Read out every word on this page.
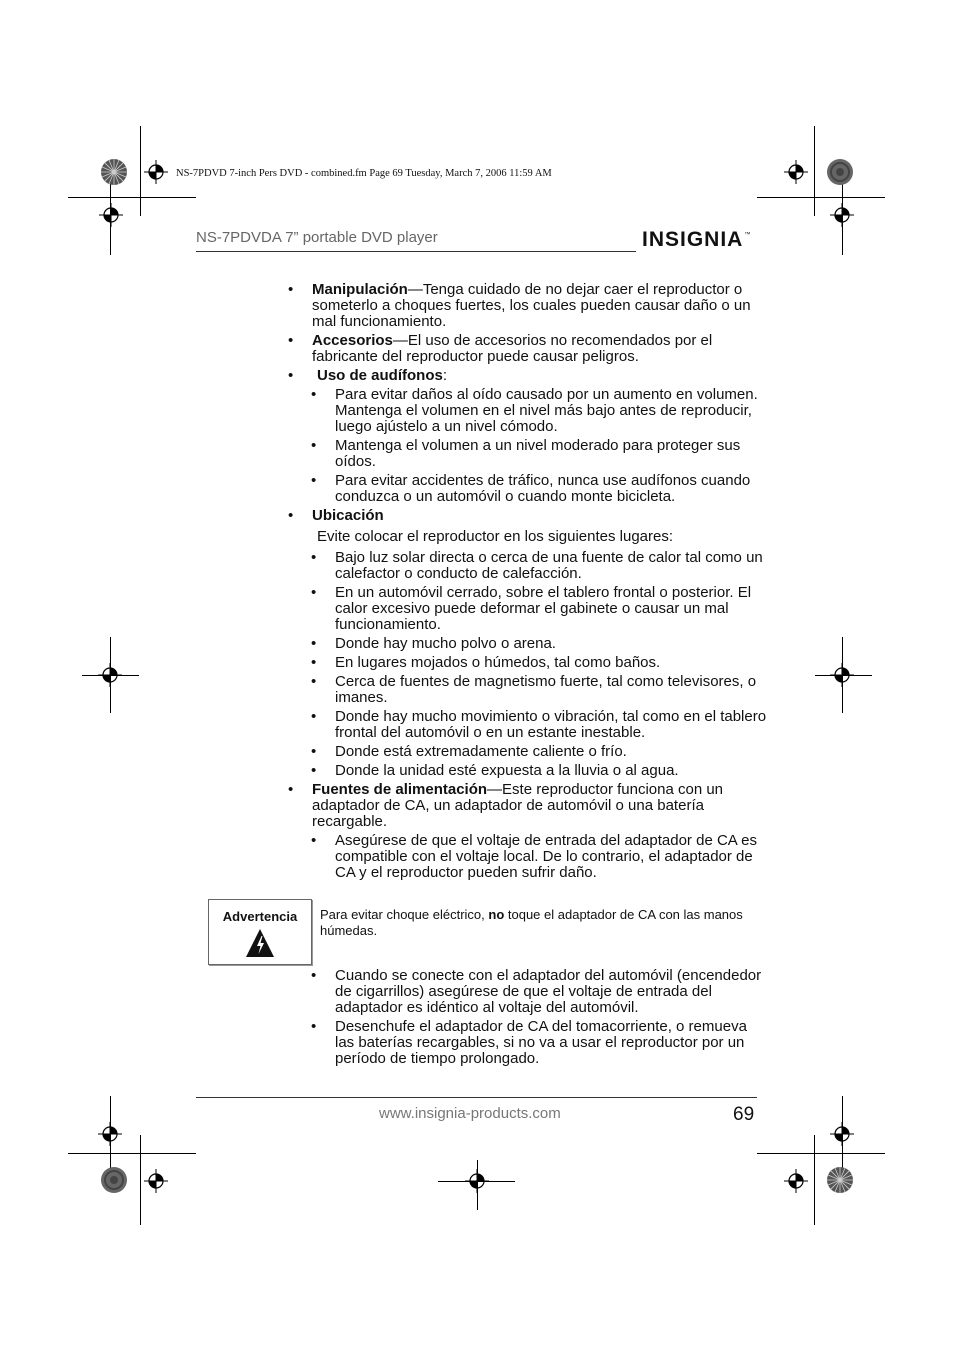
NS-7PDVD 7-inch Pers DVD - combined.fm Page 69 Tuesday, March 7, 2006 11:59 AM
NS-7PDVDA 7” portable DVD player	INSIGNIA™
• Manipulación—Tenga cuidado de no dejar caer el reproductor o someterlo a choques fuertes, los cuales pueden causar daño o un mal funcionamiento.
• Accesorios—El uso de accesorios no recomendados por el fabricante del reproductor puede causar peligros.
• Uso de audífonos:
• Para evitar daños al oído causado por un aumento en volumen. Mantenga el volumen en el nivel más bajo antes de reproducir, luego ajústelo a un nivel cómodo.
• Mantenga el volumen a un nivel moderado para proteger sus oídos.
• Para evitar accidentes de tráfico, nunca use audífonos cuando conduzca o un automóvil o cuando monte bicicleta.
• Ubicación
Evite colocar el reproductor en los siguientes lugares:
• Bajo luz solar directa o cerca de una fuente de calor tal como un calefactor o conducto de calefacción.
• En un automóvil cerrado, sobre el tablero frontal o posterior. El calor excesivo puede deformar el gabinete o causar un mal funcionamiento.
• Donde hay mucho polvo o arena.
• En lugares mojados o húmedos, tal como baños.
• Cerca de fuentes de magnetismo fuerte, tal como televisores, o imanes.
• Donde hay mucho movimiento o vibración, tal como en el tablero frontal del automóvil o en un estante inestable.
• Donde está extremadamente caliente o frío.
• Donde la unidad esté expuesta a la lluvia o al agua.
• Fuentes de alimentación—Este reproductor funciona con un adaptador de CA, un adaptador de automóvil o una batería recargable.
• Asegúrese de que el voltaje de entrada del adaptador de CA es compatible con el voltaje local. De lo contrario, el adaptador de CA y el reproductor pueden sufrir daño.
Advertencia	Para evitar choque eléctrico, no toque el adaptador de CA con las manos húmedas.
• Cuando se conecte con el adaptador del automóvil (encendedor de cigarrillos) asegúrese de que el voltaje de entrada del adaptador es idéntico al voltaje del automóvil.
• Desenchufe el adaptador de CA del tomacorriente, o remueva las baterías recargables, si no va a usar el reproductor por un período de tiempo prolongado.
www.insignia-products.com	69
